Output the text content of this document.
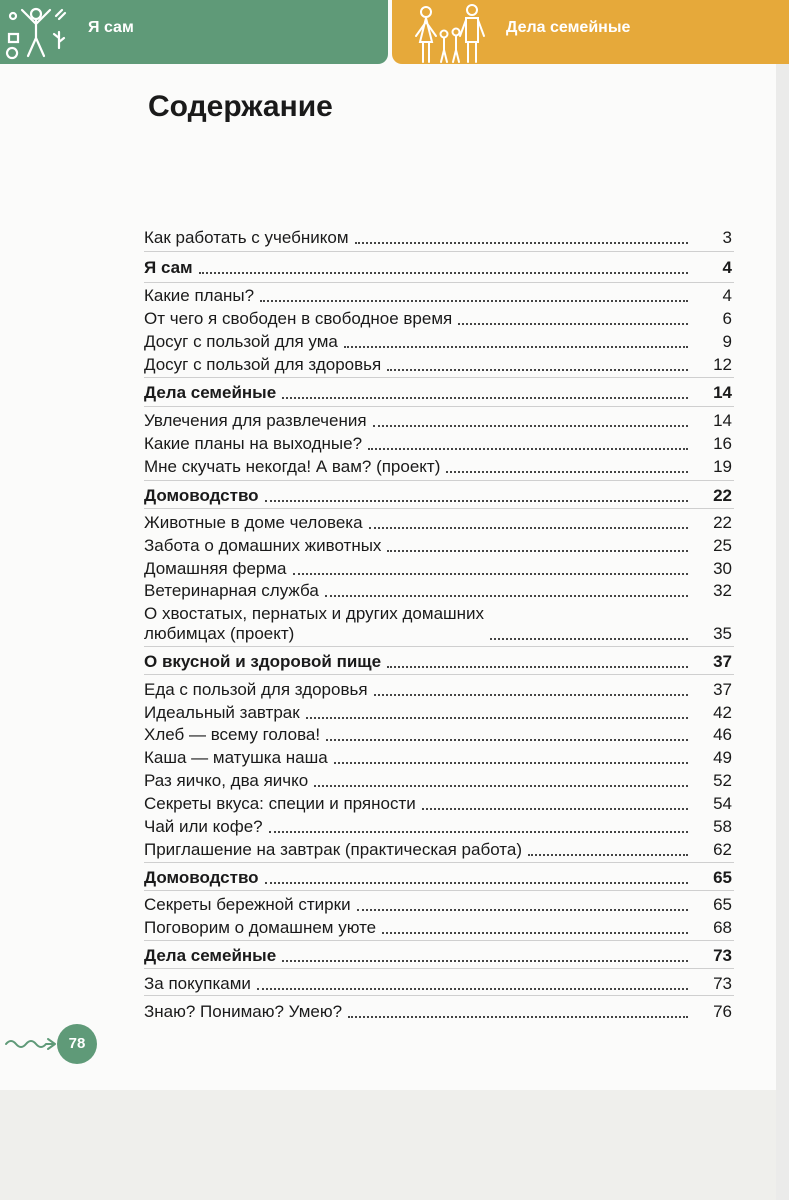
Я сам	Дела семейные
Содержание
Как работать с учебником	3
Я сам	4
Какие планы?	4
От чего я свободен в свободное время	6
Досуг с пользой для ума	9
Досуг с пользой для здоровья	12
Дела семейные	14
Увлечения для развлечения	14
Какие планы на выходные?	16
Мне скучать некогда! А вам? (проект)	19
Домоводство	22
Животные в доме человека	22
Забота о домашних животных	25
Домашняя ферма	30
Ветеринарная служба	32
О хвостатых, пернатых и других домашних
любимцах (проект)	35
О вкусной и здоровой пище	37
Еда с пользой для здоровья	37
Идеальный завтрак	42
Хлеб — всему голова!	46
Каша — матушка наша	49
Раз яичко, два яичко	52
Секреты вкуса: специи и пряности	54
Чай или кофе?	58
Приглашение на завтрак (практическая работа)	62
Домоводство	65
Секреты бережной стирки	65
Поговорим о домашнем уюте	68
Дела семейные	73
За покупками	73
Знаю? Понимаю? Умею?	76
78
